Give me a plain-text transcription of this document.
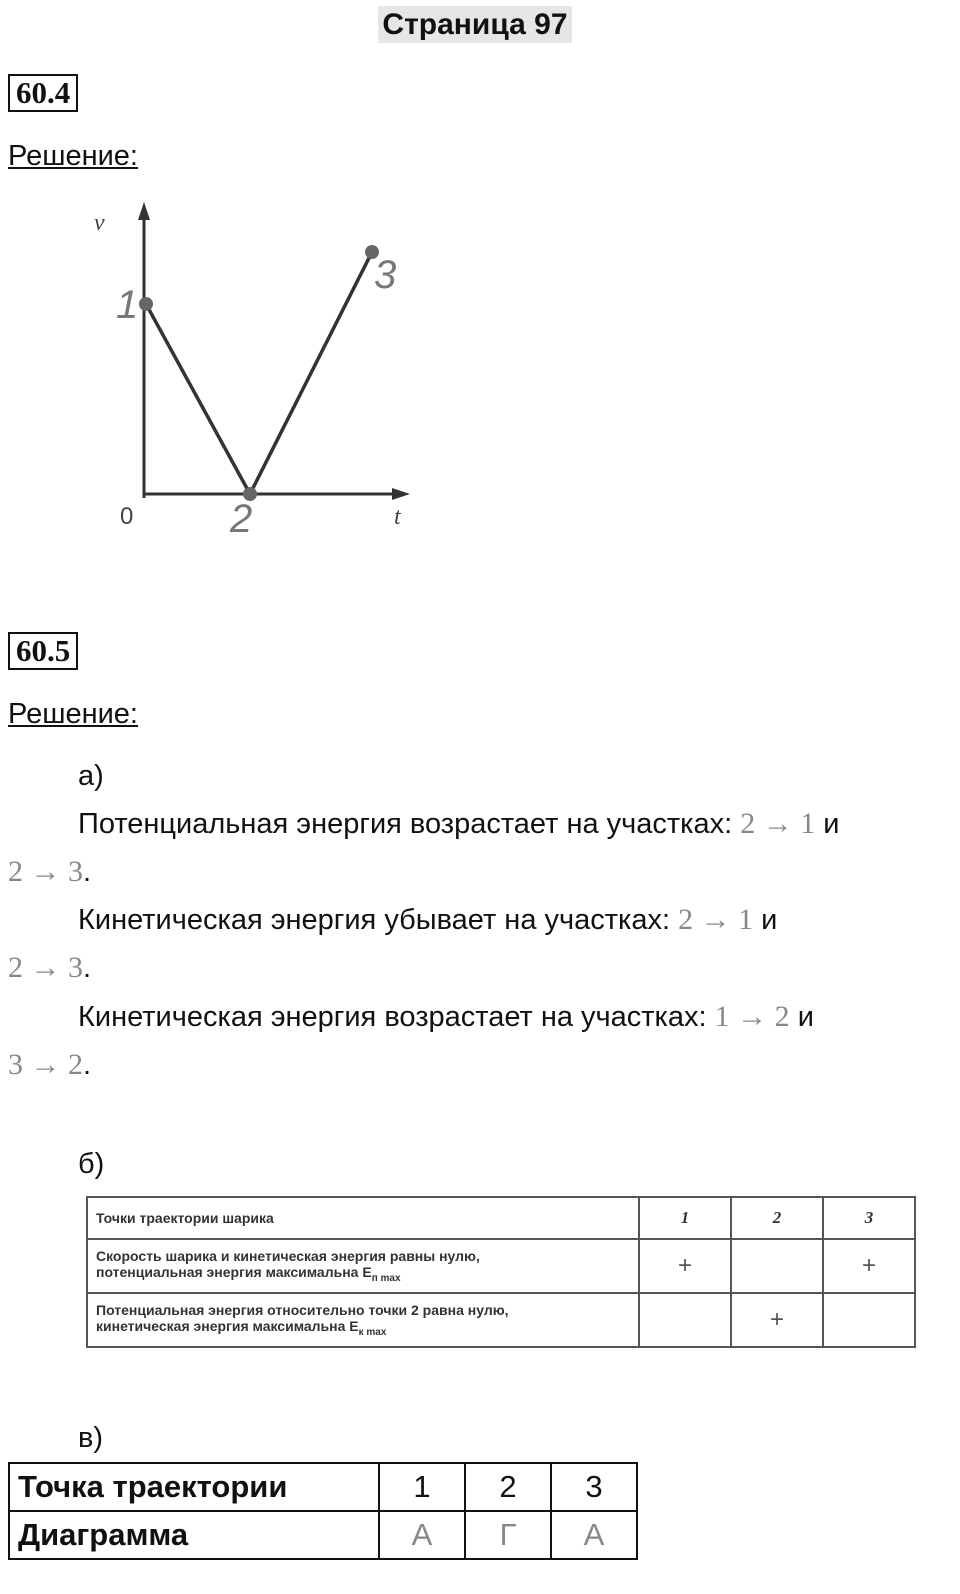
Страница 97
60.4
Решение:
v
t
0
1
2
3
60.5
Решение:
а)
Потенциальная энергия возрастает на участках: 2 → 1 и
2 → 3.
Кинетическая энергия убывает на участках: 2 → 1 и
2 → 3.
Кинетическая энергия возрастает на участках: 1 → 2 и
3 → 2.
б)
Точки траектории шарика	1	2	3

Скорость шарика и кинетическая энергия равны нулю,
потенциальная энергия максимальна $E_{п max}$	+		+

Потенциальная энергия относительно точки 2 равна нулю,
кинетическая энергия максимальна $E_{к max}$		+	
в)
Точка траектории	1	2	3
Диаграмма	А	Г	А
